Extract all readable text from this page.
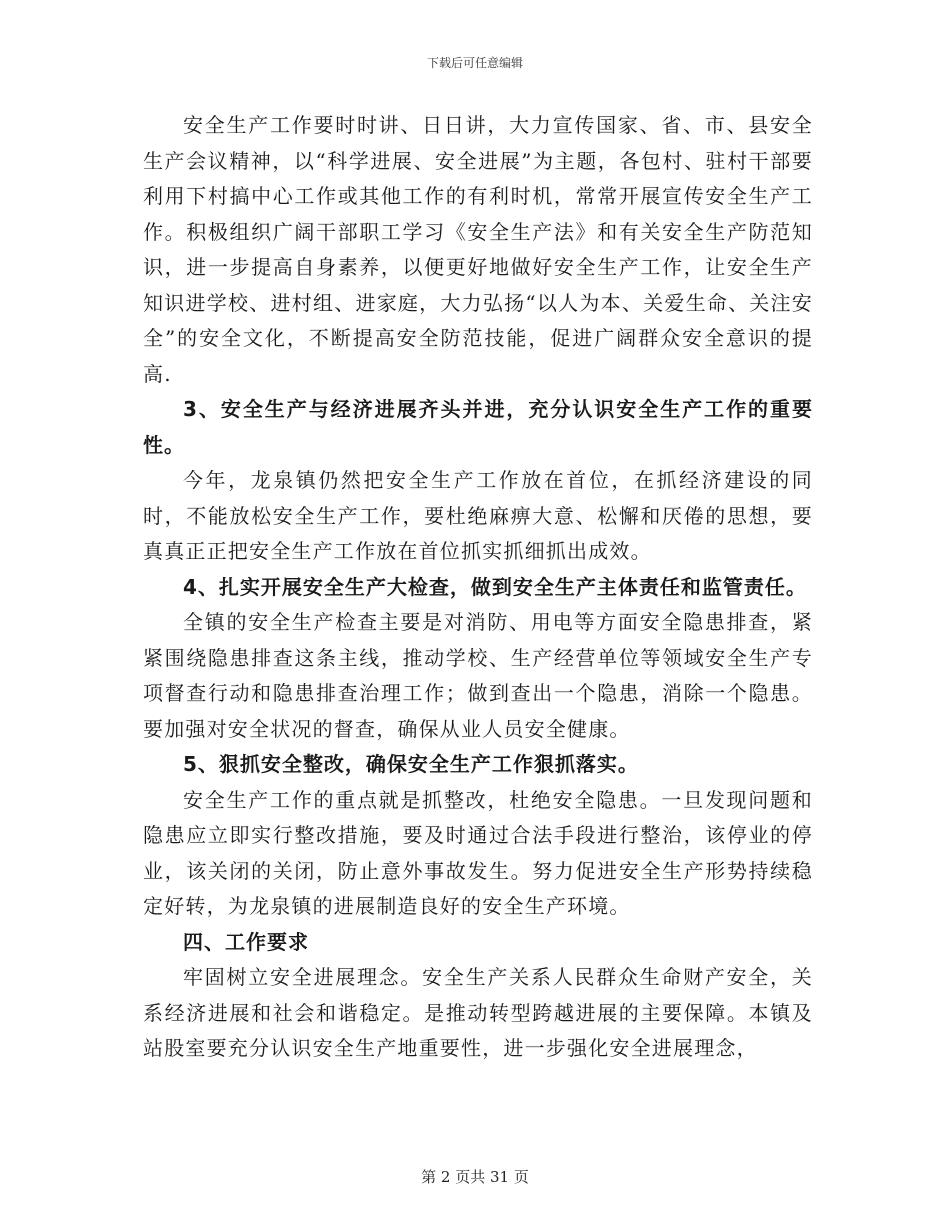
下载后可任意编辑

安全生产工作要时时讲、日日讲，大力宣传国家、省、市、县安全生产会议精神，以“科学进展、安全进展”为主题，各包村、驻村干部要利用下村搞中心工作或其他工作的有利时机，常常开展宣传安全生产工作。积极组织广阔干部职工学习《安全生产法》和有关安全生产防范知识，进一步提高自身素养，以便更好地做好安全生产工作，让安全生产知识进学校、进村组、进家庭，大力弘扬“以人为本、关爱生命、关注安全”的安全文化，不断提高安全防范技能，促进广阔群众安全意识的提高.

3、安全生产与经济进展齐头并进，充分认识安全生产工作的重要性。

今年，龙泉镇仍然把安全生产工作放在首位，在抓经济建设的同时，不能放松安全生产工作，要杜绝麻痹大意、松懈和厌倦的思想，要真真正正把安全生产工作放在首位抓实抓细抓出成效。

4、扎实开展安全生产大检查，做到安全生产主体责任和监管责任。

全镇的安全生产检查主要是对消防、用电等方面安全隐患排查，紧紧围绕隐患排查这条主线，推动学校、生产经营单位等领域安全生产专项督查行动和隐患排查治理工作；做到查出一个隐患，消除一个隐患。要加强对安全状况的督查，确保从业人员安全健康。

5、狠抓安全整改，确保安全生产工作狠抓落实。

安全生产工作的重点就是抓整改，杜绝安全隐患。一旦发现问题和隐患应立即实行整改措施，要及时通过合法手段进行整治，该停业的停业，该关闭的关闭，防止意外事故发生。努力促进安全生产形势持续稳定好转，为龙泉镇的进展制造良好的安全生产环境。

四、工作要求

牢固树立安全进展理念。安全生产关系人民群众生命财产安全，关系经济进展和社会和谐稳定。是推动转型跨越进展的主要保障。本镇及站股室要充分认识安全生产地重要性，进一步强化安全进展理念，

第 2 页共 31 页
